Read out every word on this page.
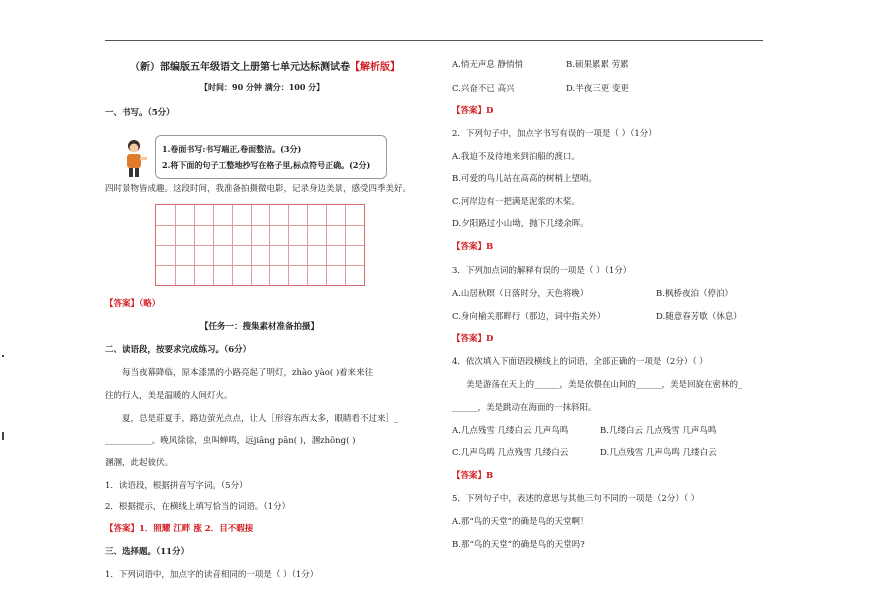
（新）部编版五年级语文上册第七单元达标测试卷【解析版】
【时间：90 分钟 满分：100 分】
一、书写。（5分）
1.卷面书写:书写端正,卷面整洁。(3分)
2.将下面的句子工整地抄写在格子里,标点符号正确。(2分)
四时景物皆成趣。这段时间，我准备拍摄微电影，记录身边美景，感受四季美好。
【答案】（略）
【任务一：搜集素材准备拍摄】
二、读语段，按要求完成练习。（6分）
每当夜幕降临，原本漆黑的小路亮起了明灯，zhào yào( )着来来往
往的行人，美是温暖的人间灯火。
夏，总是莊夏手，路边萤光点点，让人［形容东西太多，眼睛看不过来］_
___________。晚风徐徐，虫叫蝉鸣，远jiāng pān( )，溷zhōng( )
溷溷，此起彼伏。
1．读语段，根据拼音写字词。（5分）
2．根据提示，在横线上填写恰当的词语。（1分）
【答案】1．照耀 江畔 涨 2．目不暇接
三、选择题。（11分）
1．下列词语中，加点字的读音相同的一项是（ ）（1分）
A.悄无声息 静悄悄	B.硕果累累 劳累
C.兴奋不已 高兴	D.半夜三更 变更
【答案】D
2．下列句子中，加点字书写有误的一项是（ ）（1分）
A.我迫不及待地来到泊船的渡口。
B.可爱的鸟儿站在高高的树梢上望哨。
C.河岸边有一把满是泥浆的木桨。
D.夕阳路过小山坳，抛下几缕余晖。
【答案】B
3．下列加点词的解释有误的一项是（ ）（1分）
A.山居秋暝（日落时分，天色将晚）	B.枫桥夜泊（停泊）
C.身向榆关那畔行（那边，词中指关外）	D.随意春芳歇（休息）
【答案】D
4．依次填入下面语段横线上的词语，全部正确的一项是（2分）（ ）
美是游荡在天上的______，美是依偎在山间的______，美是回旋在密林的_
______，美是跳动在海面的一抹斜阳。
A.几点残雪 几缕白云 几声鸟鸣	B.几缕白云 几点残雪 几声鸟鸣
C.几声鸟鸣 几点残雪 几缕白云	D.几点残雪 几声鸟鸣 几缕白云
【答案】B
5．下列句子中，表述的意思与其他三句不同的一项是（2分）（ ）
A.那“鸟的天堂”的确是鸟的天堂啊！
B.那“鸟的天堂”的确是鸟的天堂吗?
